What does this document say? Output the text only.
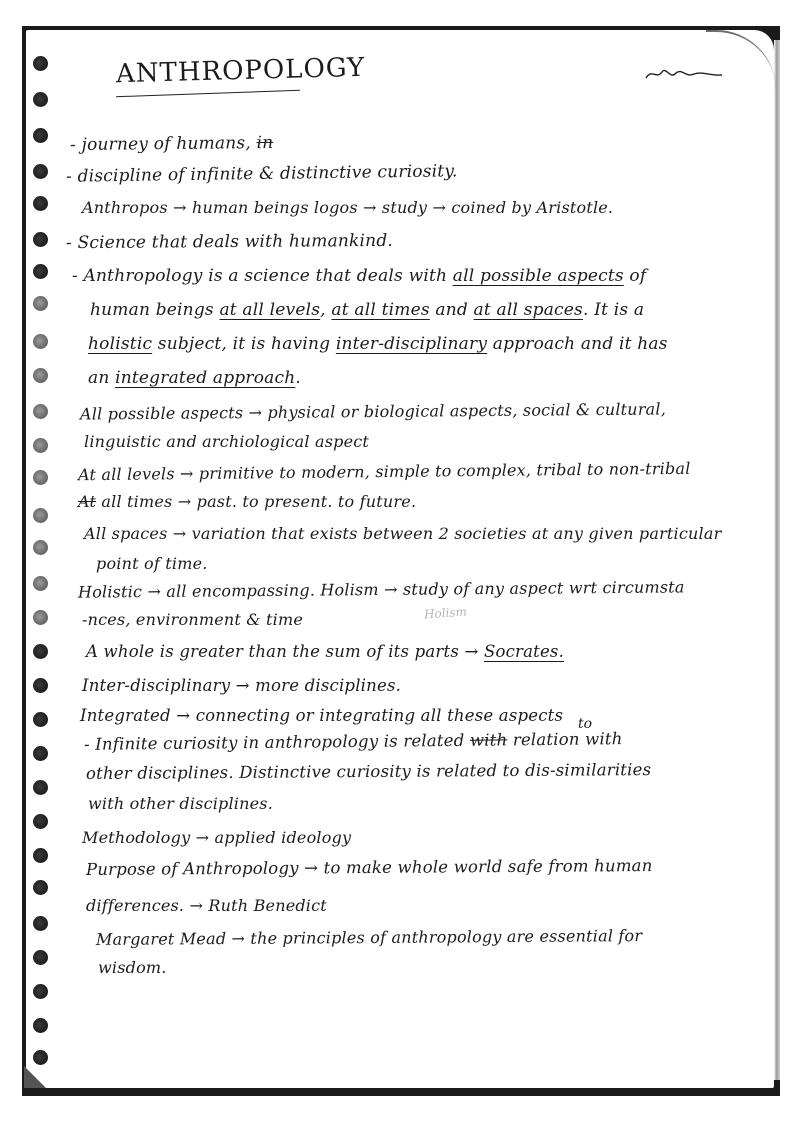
ANTHROPOLOGY
- journey of humans, in
- discipline of infinite & distinctive curiosity.
Anthropos → human beings logos → study → coined by Aristotle.
- Science that deals with humankind.
- Anthropology is a science that deals with all possible aspects of
human beings at all levels, at all times and at all spaces. It is a
holistic subject, it is having inter-disciplinary approach and it has
an integrated approach.
All possible aspects → physical or biological aspects, social & cultural,
linguistic and archiological aspect
At all levels → primitive to modern, simple to complex, tribal to non-tribal
At all times → past. to present. to future.
All spaces → variation that exists between 2 societies at any given particular
point of time.
Holistic → all encompassing. Holism → study of any aspect wrt circumsta
-nces, environment & time
A whole is greater than the sum of its parts → Socrates.
Inter-disciplinary → more disciplines.
Integrated → connecting or integrating all these aspects
- Infinite curiosity in anthropology is related with relation with
other disciplines. Distinctive curiosity is related to dis-similarities
with other disciplines.
Methodology → applied ideology
Purpose of Anthropology → to make whole world safe from human
differences. → Ruth Benedict
Margaret Mead → the principles of anthropology are essential for
wisdom.
to
Holism
